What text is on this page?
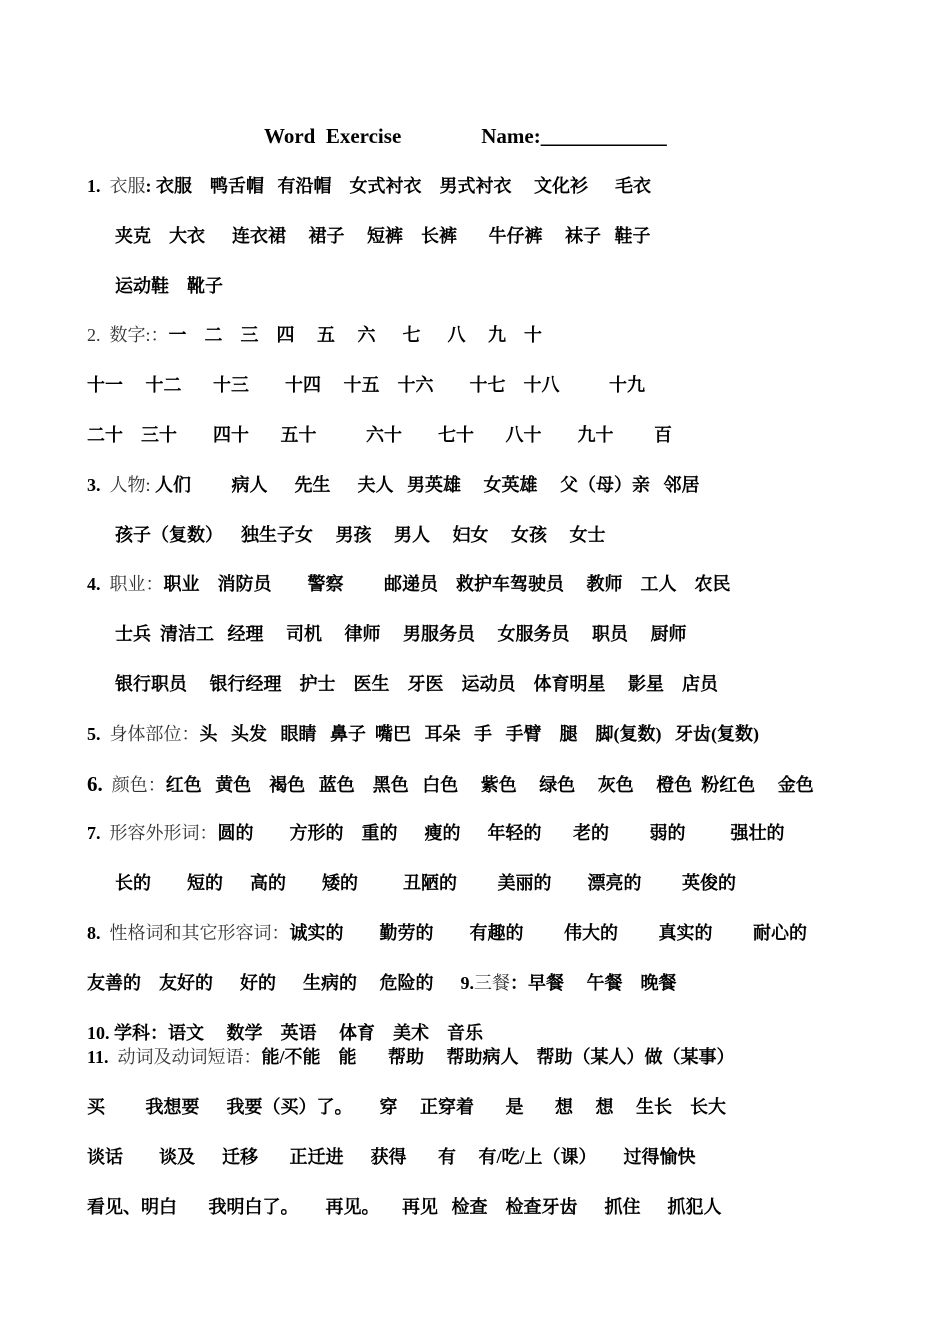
Word  Exercise	Name:____________
1.  衣服: 衣服    鸭舌帽   有沿帽    女式衬衣    男式衬衣     文化衫      毛衣
夹克    大衣      连衣裙     裙子     短裤    长裤       牛仔裤     袜子   鞋子
运动鞋    靴子
2.  数字:：一    二    三    四     五     六      七      八     九    十
十一     十二       十三        十四     十五    十六        十七    十八           十九
二十    三十        四十       五十           六十        七十       八十        九十         百
3.  人物: 人们         病人      先生      夫人   男英雄     女英雄     父（母）亲   邻居
孩子（复数）    独生子女     男孩     男人     妇女     女孩     女士
4.  职业：职业    消防员        警察         邮递员    救护车驾驶员     教师    工人    农民
士兵  清洁工   经理     司机     律师     男服务员     女服务员     职员     厨师
银行职员     银行经理    护士    医生    牙医    运动员    体育明星     影星    店员
5.  身体部位：头   头发   眼睛   鼻子  嘴巴   耳朵   手   手臂    腿    脚(复数)   牙齿(复数)
6.  颜色：红色   黄色    褐色   蓝色    黑色   白色     紫色     绿色     灰色     橙色  粉红色     金色
7.  形容外形词：圆的        方形的    重的      瘦的      年轻的       老的         弱的          强壮的
长的        短的      高的        矮的          丑陋的         美丽的        漂亮的         英俊的
8.  性格词和其它形容词：诚实的        勤劳的        有趣的         伟大的         真实的         耐心的
友善的    友好的      好的      生病的     危险的      9.三餐：早餐     午餐    晚餐
10. 学科：语文     数学    英语     体育    美术    音乐
11.  动词及动词短语：能/不能    能       帮助     帮助病人    帮助（某人）做（某事）
买         我想要      我要（买）了。      穿     正穿着       是       想     想     生长    长大
谈话        谈及      迁移       正迁进      获得       有     有/吃/上（课）      过得愉快
看见、明白       我明白了。      再见。     再见   检查    检查牙齿      抓住      抓犯人
